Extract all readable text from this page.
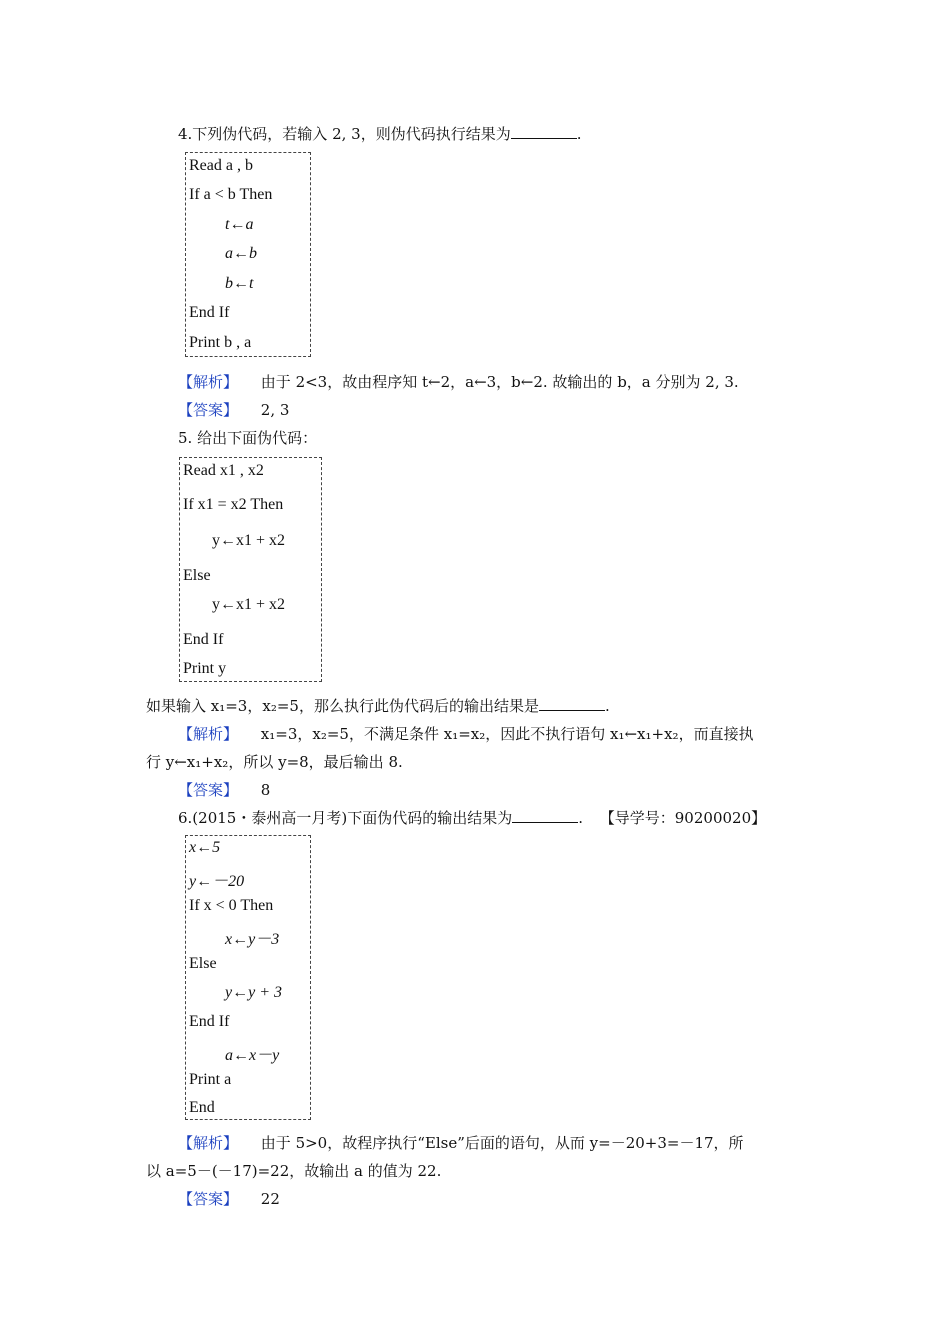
4.下列伪代码，若输入 2, 3，则伪代码执行结果为	.
Read a , b
If a < b Then
t←a
a←b
b←t
End If
Print b , a
【解析】 由于 2<3，故由程序知 t←2，a←3，b←2. 故输出的 b，a 分别为 2, 3.
【答案】 2, 3
5. 给出下面伪代码：
Read x1 , x2
If x1 = x2 Then
y←x1 + x2
Else
y←x1 + x2
End If
Print y
如果输入 x₁=3，x₂=5，那么执行此伪代码后的输出结果是	.
【解析】 x₁=3，x₂=5，不满足条件 x₁=x₂，因此不执行语句 x₁←x₁+x₂，而直接执
行 y←x₁+x₂，所以 y=8，最后输出 8.
【答案】 8
6.(2015・泰州高一月考)下面伪代码的输出结果为	. 【导学号：90200020】
x←5
y←－20
If x < 0 Then
x←y－3
Else
y←y + 3
End If
a←x－y
Print a
End
【解析】 由于 5>0，故程序执行“Else”后面的语句，从而 y=－20+3=－17，所
以 a=5－(－17)=22，故输出 a 的值为 22.
【答案】 22
